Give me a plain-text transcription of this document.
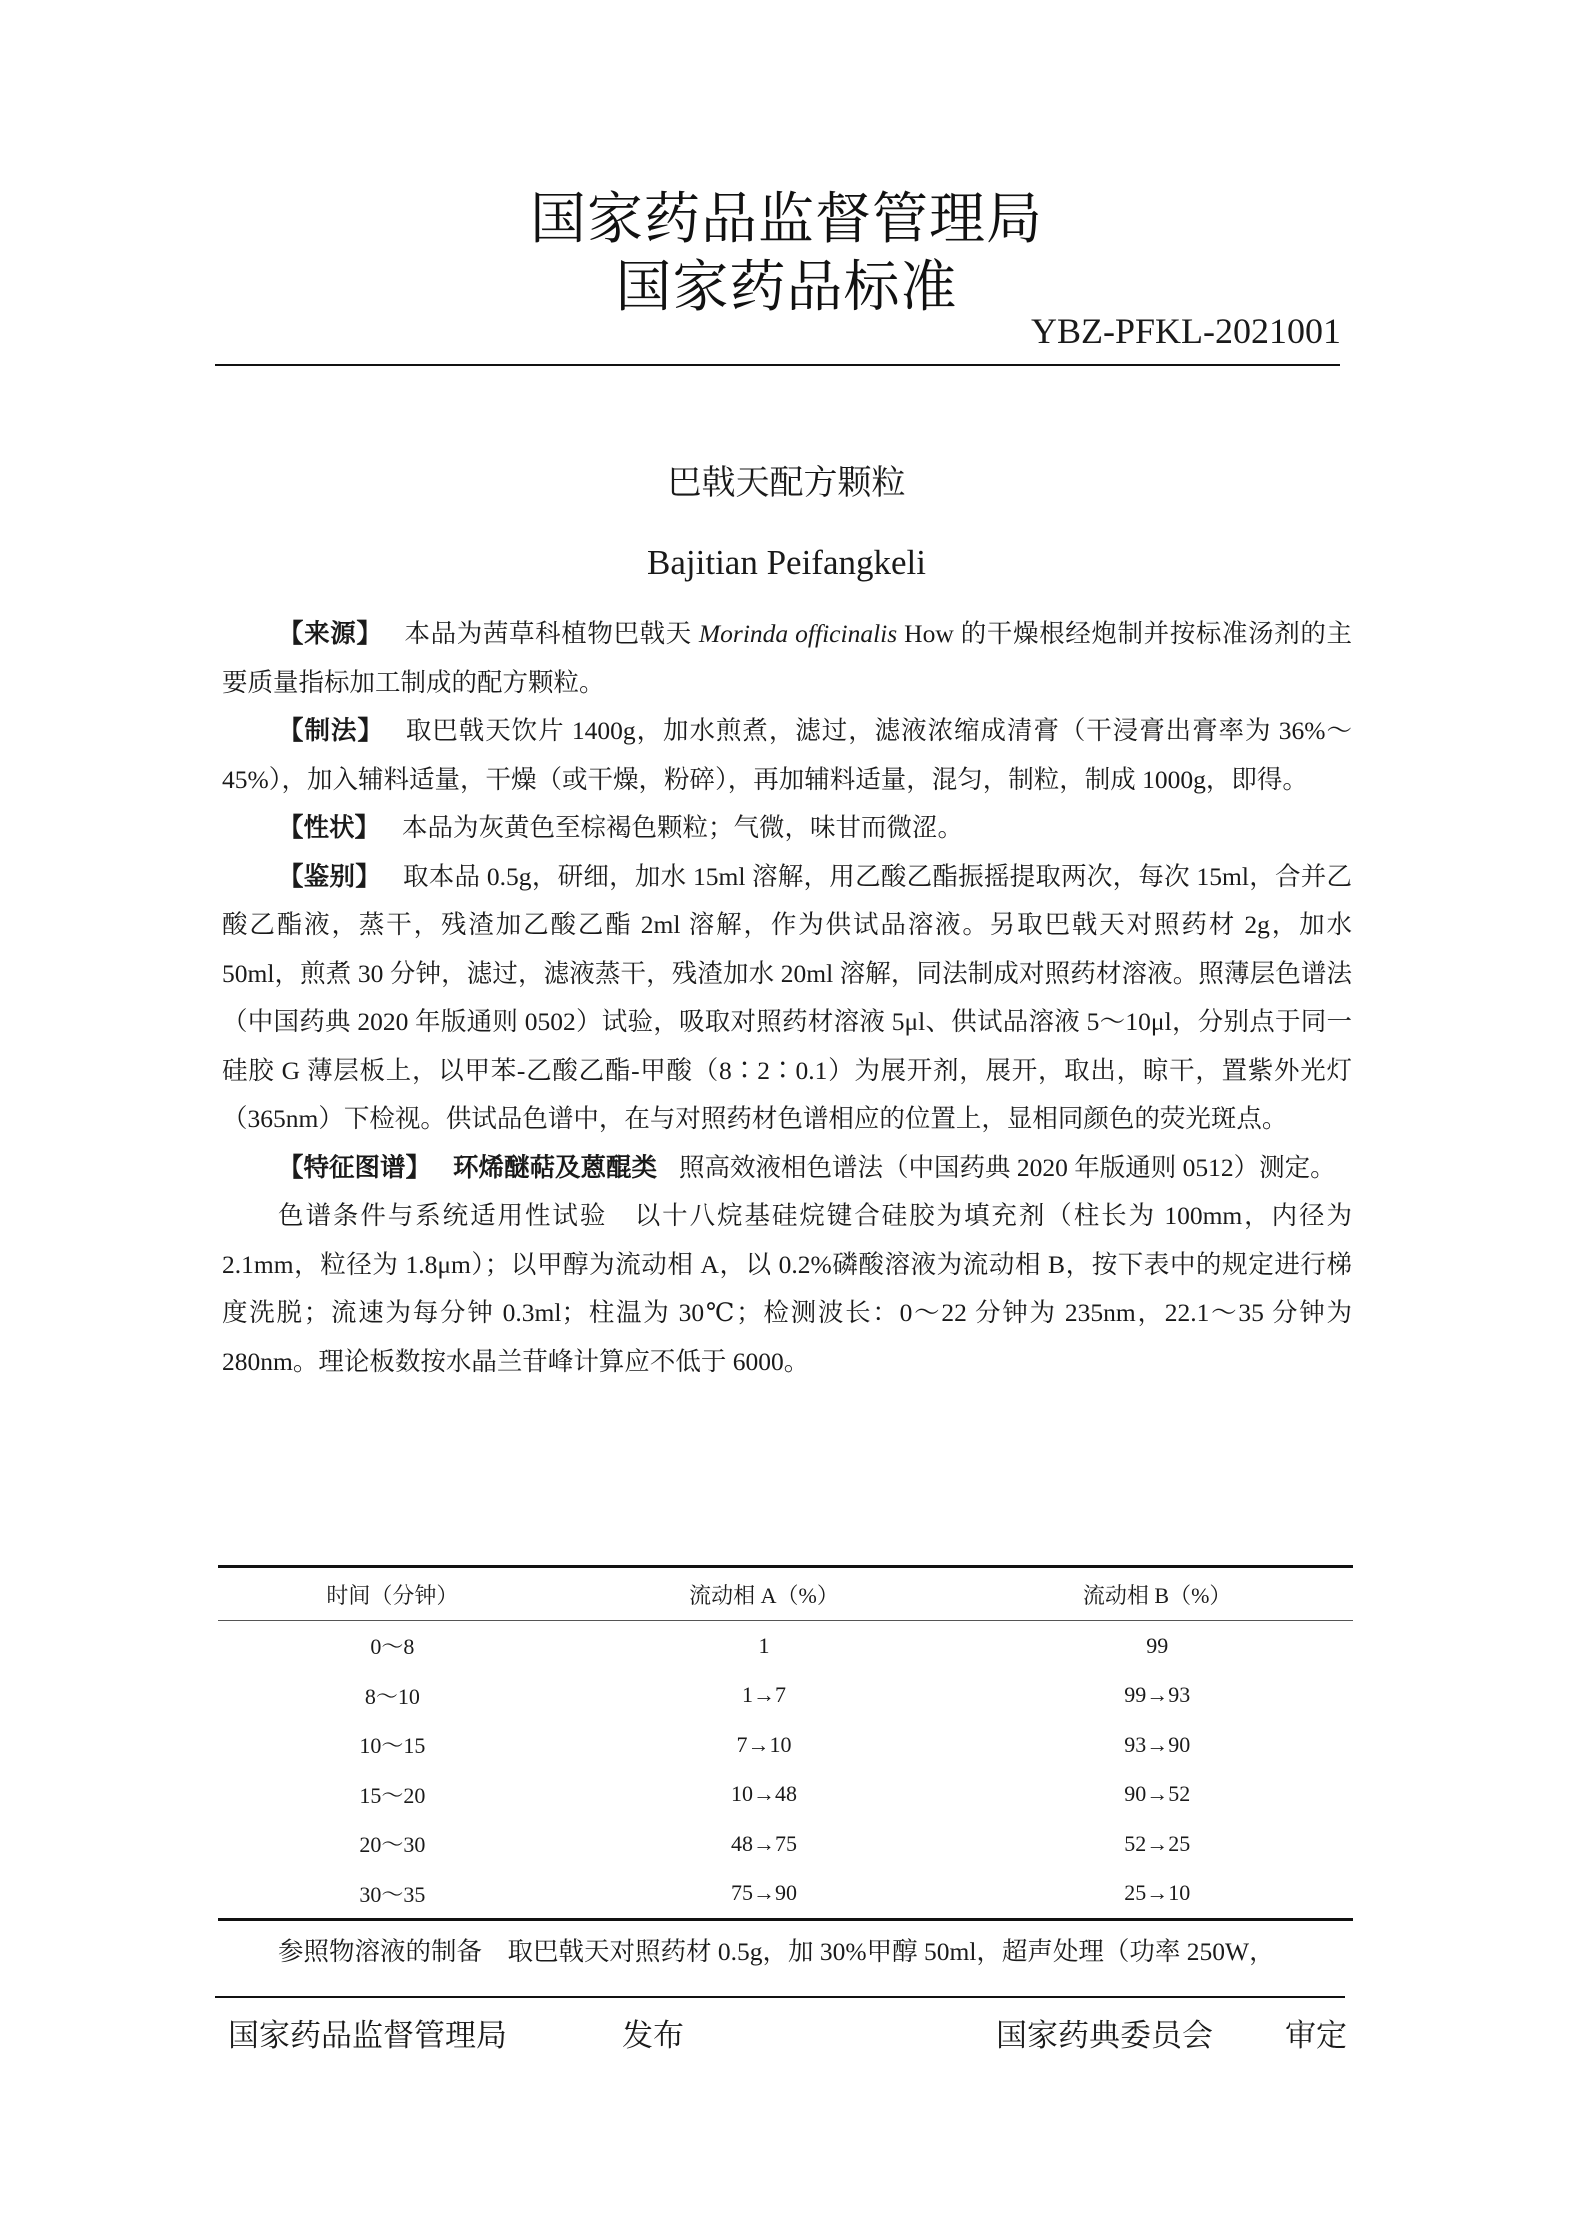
国家药品监督管理局
国家药品标准
YBZ-PFKL-2021001
巴戟天配方颗粒
Bajitian Peifangkeli

【来源】 本品为茜草科植物巴戟天 Morinda officinalis How 的干燥根经炮制并按标准汤剂的主要质量指标加工制成的配方颗粒。

【制法】 取巴戟天饮片 1400g，加水煎煮，滤过，滤液浓缩成清膏（干浸膏出膏率为 36%～45%），加入辅料适量，干燥（或干燥，粉碎），再加辅料适量，混匀，制粒，制成 1000g，即得。

【性状】 本品为灰黄色至棕褐色颗粒；气微，味甘而微涩。

【鉴别】 取本品 0.5g，研细，加水 15ml 溶解，用乙酸乙酯振摇提取两次，每次 15ml，合并乙酸乙酯液，蒸干，残渣加乙酸乙酯 2ml 溶解，作为供试品溶液。另取巴戟天对照药材 2g，加水 50ml，煎煮 30 分钟，滤过，滤液蒸干，残渣加水 20ml 溶解，同法制成对照药材溶液。照薄层色谱法（中国药典 2020 年版通则 0502）试验，吸取对照药材溶液 5μl、供试品溶液 5～10μl，分别点于同一硅胶 G 薄层板上，以甲苯-乙酸乙酯-甲酸（8∶2∶0.1）为展开剂，展开，取出，晾干，置紫外光灯（365nm）下检视。供试品色谱中，在与对照药材色谱相应的位置上，显相同颜色的荧光斑点。

【特征图谱】 环烯醚萜及蒽醌类 照高效液相色谱法（中国药典 2020 年版通则 0512）测定。

色谱条件与系统适用性试验　以十八烷基硅烷键合硅胶为填充剂（柱长为 100mm，内径为 2.1mm，粒径为 1.8μm）；以甲醇为流动相 A，以 0.2%磷酸溶液为流动相 B，按下表中的规定进行梯度洗脱；流速为每分钟 0.3ml；柱温为 30℃；检测波长：0～22 分钟为 235nm，22.1～35 分钟为 280nm。理论板数按水晶兰苷峰计算应不低于 6000。

时间（分钟）	流动相 A（%）	流动相 B（%）
0～8	1	99
8～10	1→7	99→93
10～15	7→10	93→90
15～20	10→48	90→52
20～30	48→75	52→25
30～35	75→90	25→10

参照物溶液的制备　取巴戟天对照药材 0.5g，加 30%甲醇 50ml，超声处理（功率 250W，

国家药品监督管理局	发布	国家药典委员会 审定
